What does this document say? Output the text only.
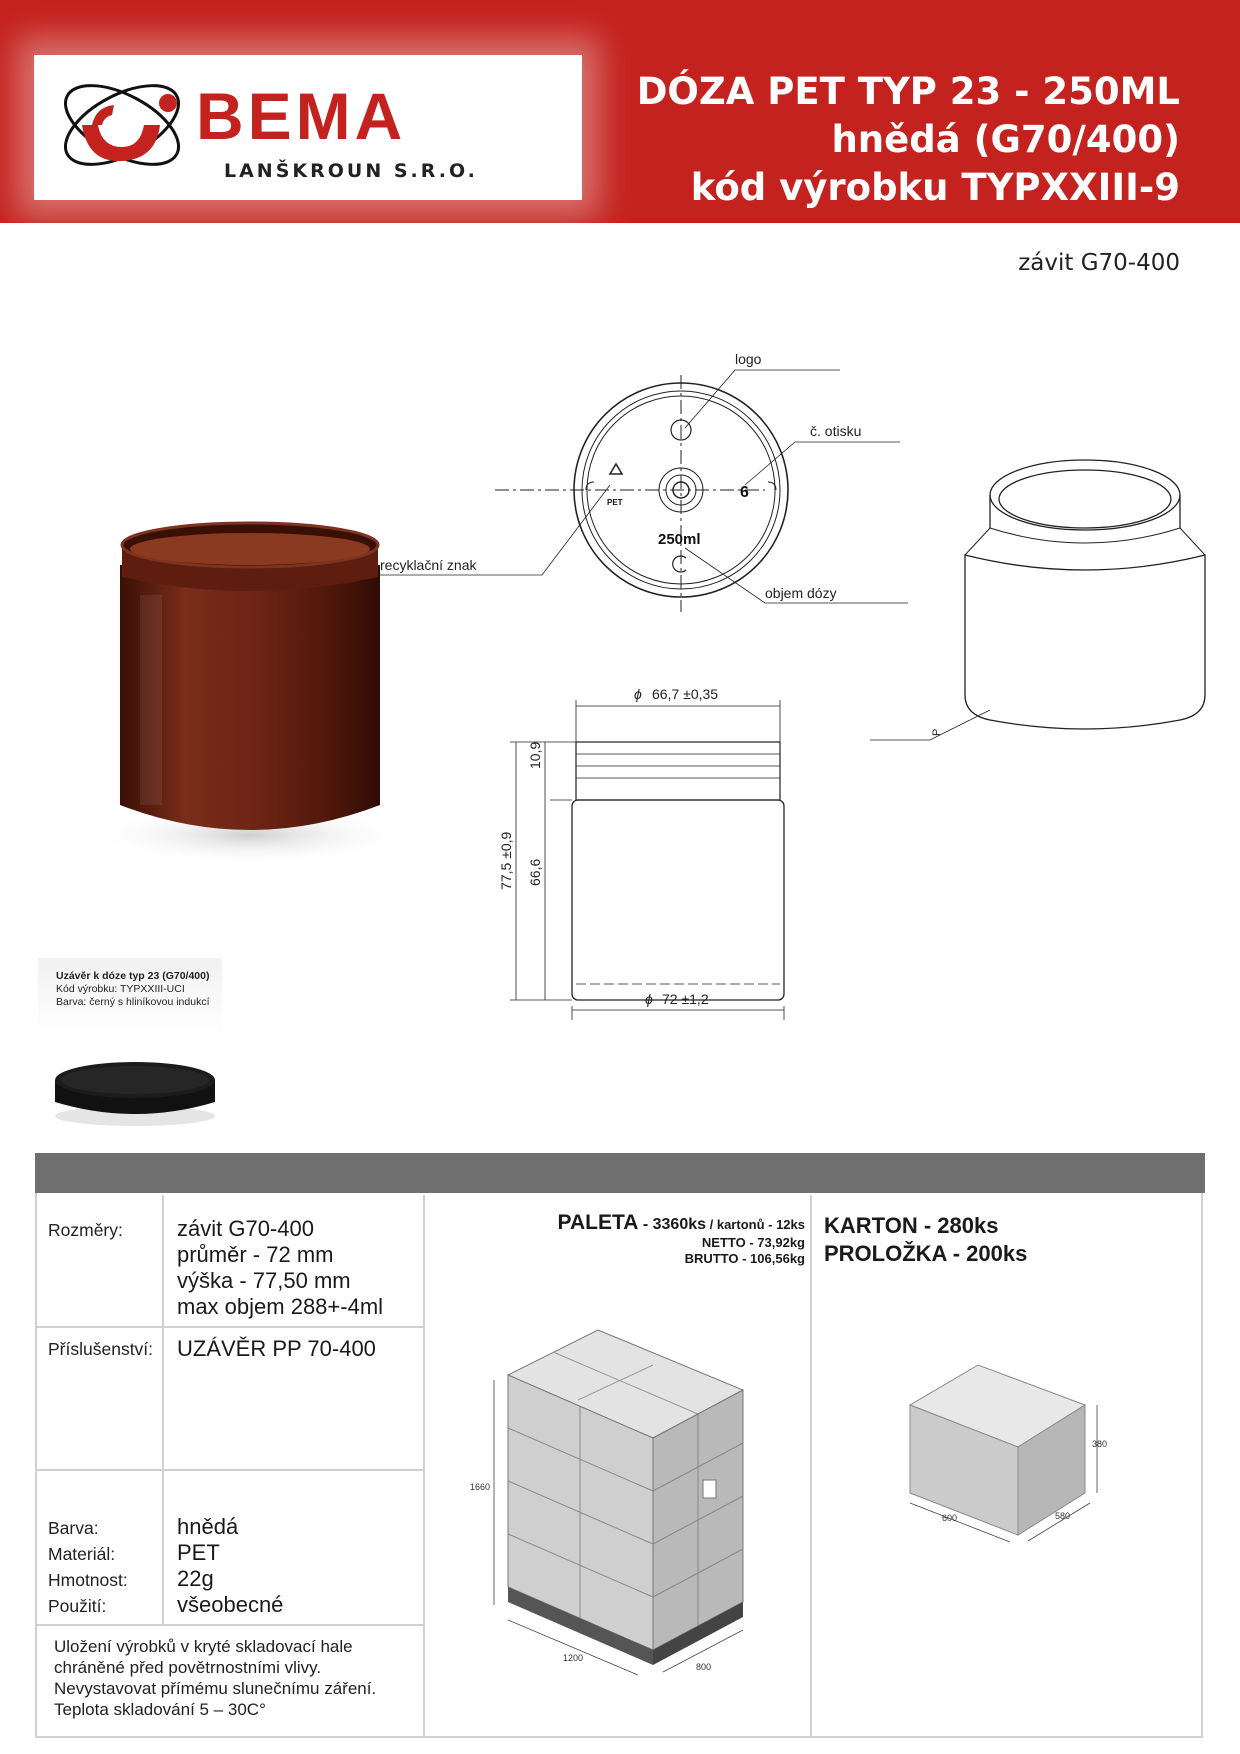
BEMA
LANŠKROUN S.R.O.
DÓZA PET TYP 23 - 250ML
hnědá (G70/400)
kód výrobku TYPXXIII-9
závit G70-400
logo
č. otisku
6
PET
recyklační znak
250ml
objem dózy
66,7 ±0,35
ϕ
72 ±1,2
ϕ
77,5 ±0,9 66,6
10,9
P
Uzávěr k dóze typ 23 (G70/400)
Kód výrobku: TYPXXIII-UCI
Barva: černý s hliníkovou indukcí
Rozměry: závit G70-400
průměr - 72 mm
výška - 77,50 mm
max objem 288+-4ml
Příslušenství: UZÁVĚR PP 70-400
Barva:
Materiál:
Hmotnost:
Použití:
hnědá
PET
22g
všeobecné
Uložení výrobků v kryté skladovací hale
chráněné před povětrnostními vlivy.
Nevystavovat přímému slunečnímu záření.
Teplota skladování 5 – 30C°
PALETA - 3360ks / kartonů - 12ks
NETTO - 73,92kg
BRUTTO - 106,56kg
1660
1200
800
KARTON - 280ks
PROLOŽKA - 200ks
380
600	580
